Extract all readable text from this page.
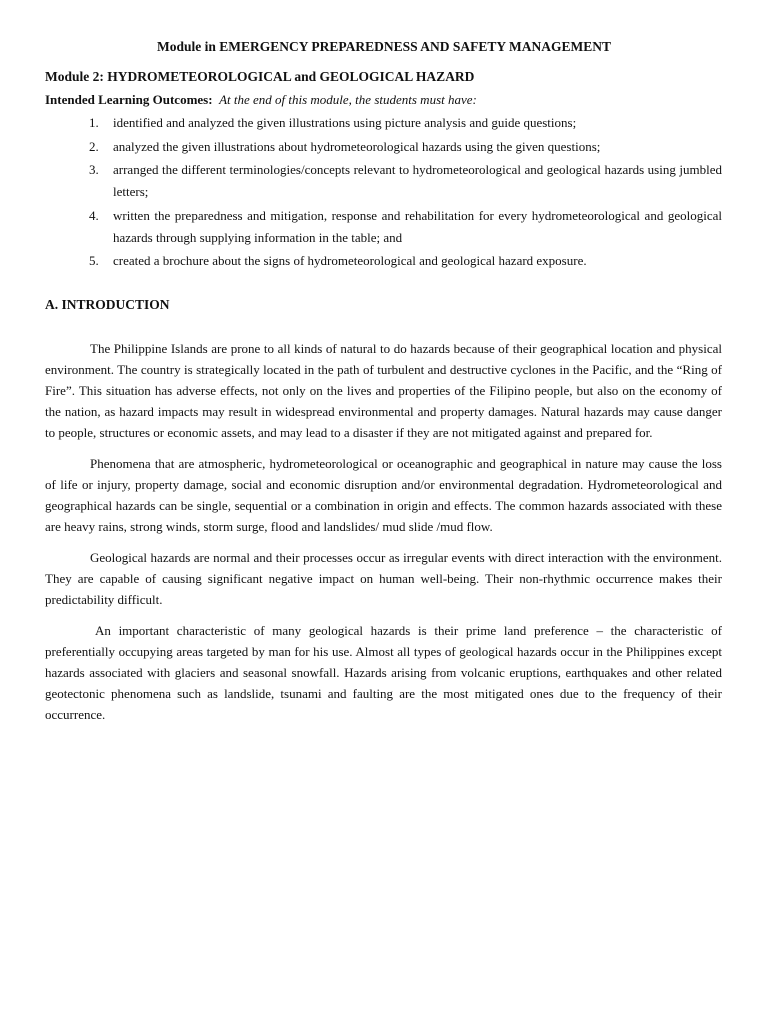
Module in EMERGENCY PREPAREDNESS AND SAFETY MANAGEMENT
Module 2: HYDROMETEOROLOGICAL and GEOLOGICAL HAZARD
Intended Learning Outcomes: At the end of this module, the students must have:
1. identified and analyzed the given illustrations using picture analysis and guide questions;
2. analyzed the given illustrations about hydrometeorological hazards using the given questions;
3. arranged the different terminologies/concepts relevant to hydrometeorological and geological hazards using jumbled letters;
4. written the preparedness and mitigation, response and rehabilitation for every hydrometeorological and geological hazards through supplying information in the table; and
5. created a brochure about the signs of hydrometeorological and geological hazard exposure.
A. INTRODUCTION

The Philippine Islands are prone to all kinds of natural to do hazards because of their geographical location and physical environment. The country is strategically located in the path of turbulent and destructive cyclones in the Pacific, and the “Ring of Fire”. This situation has adverse effects, not only on the lives and properties of the Filipino people, but also on the economy of the nation, as hazard impacts may result in widespread environmental and property damages. Natural hazards may cause danger to people, structures or economic assets, and may lead to a disaster if they are not mitigated against and prepared for.

Phenomena that are atmospheric, hydrometeorological or oceanographic and geographical in nature may cause the loss of life or injury, property damage, social and economic disruption and/or environmental degradation. Hydrometeorological and geographical hazards can be single, sequential or a combination in origin and effects. The common hazards associated with these are heavy rains, strong winds, storm surge, flood and landslides/ mud slide /mud flow.

Geological hazards are normal and their processes occur as irregular events with direct interaction with the environment. They are capable of causing significant negative impact on human well-being. Their non-rhythmic occurrence makes their predictability difficult.

An important characteristic of many geological hazards is their prime land preference – the characteristic of preferentially occupying areas targeted by man for his use. Almost all types of geological hazards occur in the Philippines except hazards associated with glaciers and seasonal snowfall. Hazards arising from volcanic eruptions, earthquakes and other related geotectonic phenomena such as landslide, tsunami and faulting are the most mitigated ones due to the frequency of their occurrence.
